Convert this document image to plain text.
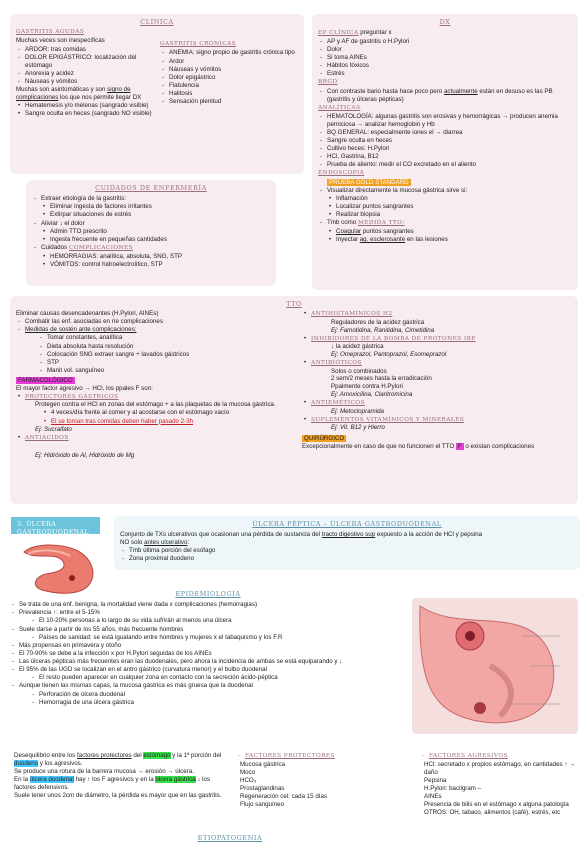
CLÍNICA
GASTRITIS AGUDAS
Muchas veces son inespecíficas
- ARDOR: tras comidas
- DOLOR EPIGÁSTRICO: localización del estómago
- Anorexia y acidez
- Náuseas y vómitos
Muchas son asintomáticas y son signo de complicaciones los que nos permite llegar DX
• Hematemesis y/o melenas (sangrado visible)
• Sangre oculta en heces (sangrado NO visible)
GASTRITIS CRÓNICAS
- ANEMIA: signo propio de gastritis crónica tipo
- Ardor
- Náuseas y vómitos
- Dolor epigástrico
- Flatulencia
- Halitosis
- Sensación plenitud
CUIDADOS DE ENFERMERÍA
- Extraer etiología de la gastritis:
• Eliminar ingesta de factores irritantes
• Extirpar situaciones de estrés
- Aliviar ↓ el dolor
• Admin TTO prescrito
• Ingesta frecuente en pequeñas cantidades
- Cuidados COMPLICACIONES
• HEMORRAGIAS: analítica, absoluta, SNG, STP
• VÓMITOS: control hidroelectrolítico, STP
DX
EP CLÍNICA preguntar x
- AP y AF de gastritis o H.Pylori
- Dolor
- Si toma AINEs
- Hábitos tóxicos
- Estrés
BRGD
- Con contraste bario hasta hace poco pero actualmente están en desuso es las PB (gastritis y úlceras pépticas)
ANALÍTICAS
- HEMATOLOGÍA: algunas gastritis son erosivas y hemorrágicas → producen anemia perniciosa → analizar hemoglobin y Hb
- BQ GENERAL: especialmente iones el → diarrea
- Sangre oculta en heces
- Cultivo heces: H.Pylori
- HCl, Gastrina, B12
- Prueba de aliento: medir el CO excretado en el aliento
ENDOSCOPIA
PRUEBA GOLD STANDARD
- Visualizar directamente la mucosa gástrica sirve si:
• Inflamación
• Localizar puntos sangrantes
• Realizar biopsia
- Tmb como MEDIDA TTO:
• Coagular puntos sangrantes
• Inyectar ag. esclerosante en las lesiones
TTO
Eliminar causas desencadenantes (H.Pylori, AINEs)
- Combatir las enf. asociadas en ríe complicaciones
- Medidas de sostén ante complicaciones:
- Tomar constantes, analítica
- Dieta absoluta hasta resolución
- Colocación SNG extraer sangre + lavados gástricos
- STP
- Manit vol. sanguíneo
FARMACOLÓGICO
El mayor factor agresivo → HCl, los ppales F son:
• PROTECTORES GÁSTRICOS
Protegen contra el HCl en zonas del estómago + a las plaquetas de la mucosa gástrica.
• 4 veces/día frente al comer y al acostarse con el estómago vacío
• El se toman tras comidas deben haber pasado 2-3h
Ej: Sucralfato
• ANTIÁCIDOS
Ej: Hidróxido de Al, Hidróxido de Mg
• ANTIHISTAMÍNICOS H2
Reguladores de la acidez gástrica
Ej: Famotidina, Ranitidina, Cimetidina
• INHIBIDORES DE LA BOMBA DE PROTONES IBP
↓ la acidez gástrica
Ej: Omeprazol, Pantoprazol, Esomeprazol
• ANTIBIÓTICOS
Solos o combinados
2 sem/2 meses hasta la erradicación
Ppalmente contra H.Pylori
Ej: Amoxicilina, Claritromicina
• ANTIEMÉTICOS
Ej: Metoclopramida
• SUPLEMENTOS VITAMÍNICOS Y MINERALES
Ej: Vit. B12 y Hierro
QUIRÚRGICO
Excepcionalmente en caso de que no funcionen el TTO F o existan complicaciones
3. ÚLCERA GASTRODUODENAL
ÚLCERA PÉPTICA – ÚLCERA GASTRODUODENAL
Conjunto de TXs ulcerativos que ocasionan una pérdida de sustancia del tracto digestivo sup expuesto a la acción de HCl y pepsina
NO solo antes ulcerativo:
- Tmb última porción del esófago
- Zona proximal duodeno
EPIDEMIOLOGÍA
- Se trata de una enf. benigna, la mortalidad viene dada x complicaciones (hemorragias)
- Prevalencia ↑: entre el 5-15%
- El 10-20% personas a lo largo de su vida sufrirán al menos una úlcera
- Suele darse a partir de los 55 años, más frecuente hombres
- Países de sanidad: se está igualando entre hombres y mujeres x el tabaquismo y los F.R
- Más propensas en primavera y otoño
- El 70-90% se debe a la infección x por H.Pylori seguidas de los AINEs
- Las úlceras pépticas más frecuentes eran las duodenales, pero ahora la incidencia de ambas se está equiparando y ↓
- El 95% de las UGD se localizan en el antro gástrico (curvatura menor) y el bulbo duodenal
- El resto pueden aparecer en cualquier zona en contacto con la secreción ácido-péptica
- Aunque tienen las mismas capas, la mucosa gástrica es más gruesa que la duodenal
- Perforación de úlcera duodenal
- Hemorragia de una úlcera gástrica
Desequilibrio entre los factores protectores del estómago y la 1ª porción del duodeno y los agresivos.
Se produce una rotura de la barrera mucosa → erosión → úlcera.
En la úlcera duodenal hay ↑ los F agresivos y en la úlcera gástrica ↓ los factores defensivos.
Suele tener unos 2cm de diámetro, la pérdida es mayor que en las gastritis.
- FACTORES PROTECTORES
Mucosa gástrica
Moco
HCO₃
Prostaglandinas
Regeneración cel: cada 15 días
Flujo sanguíneo
- FACTORES AGRESIVOS
HCl: secretado x propios estómago, en cantidades ↑ → daño
Pepsina
H.Pylori: bacilgram –
AINEs
Presencia de bilis en el estómago x alguna patología
OTROS: OH, tabaco, alimentos (café), estrés, etc
ETIOPATOGENIA
